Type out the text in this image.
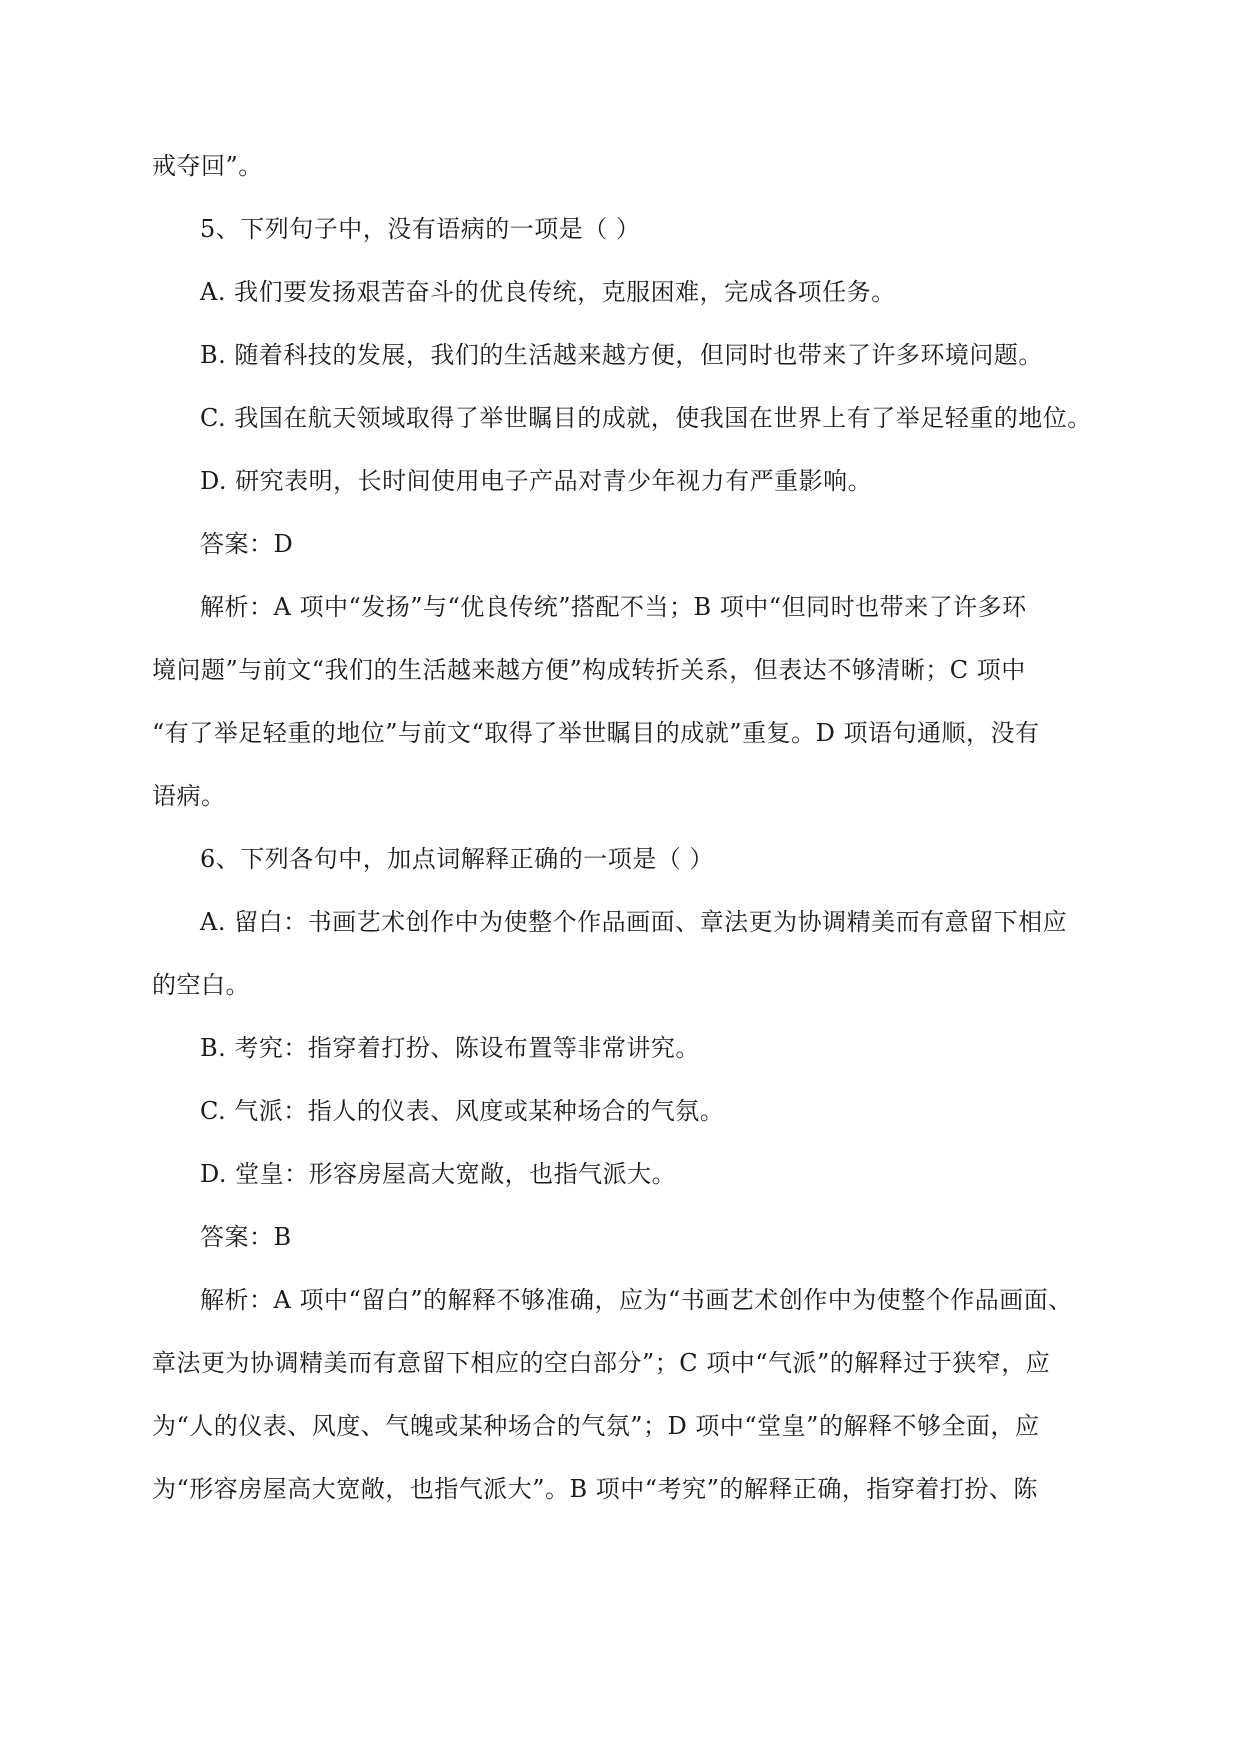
戒夺回”。
5、下列句子中，没有语病的一项是（ ）
A. 我们要发扬艰苦奋斗的优良传统，克服困难，完成各项任务。
B. 随着科技的发展，我们的生活越来越方便，但同时也带来了许多环境问题。
C. 我国在航天领域取得了举世瞩目的成就，使我国在世界上有了举足轻重的地位。
D. 研究表明，长时间使用电子产品对青少年视力有严重影响。
答案：D
解析：A 项中“发扬”与“优良传统”搭配不当；B 项中“但同时也带来了许多环
境问题”与前文“我们的生活越来越方便”构成转折关系，但表达不够清晰；C 项中
“有了举足轻重的地位”与前文“取得了举世瞩目的成就”重复。D 项语句通顺，没有
语病。
6、下列各句中，加点词解释正确的一项是（ ）
A. 留白：书画艺术创作中为使整个作品画面、章法更为协调精美而有意留下相应
的空白。
B. 考究：指穿着打扮、陈设布置等非常讲究。
C. 气派：指人的仪表、风度或某种场合的气氛。
D. 堂皇：形容房屋高大宽敞，也指气派大。
答案：B
解析：A 项中“留白”的解释不够准确，应为“书画艺术创作中为使整个作品画面、
章法更为协调精美而有意留下相应的空白部分”；C 项中“气派”的解释过于狭窄，应
为“人的仪表、风度、气魄或某种场合的气氛”；D 项中“堂皇”的解释不够全面，应
为“形容房屋高大宽敞，也指气派大”。B 项中“考究”的解释正确，指穿着打扮、陈
